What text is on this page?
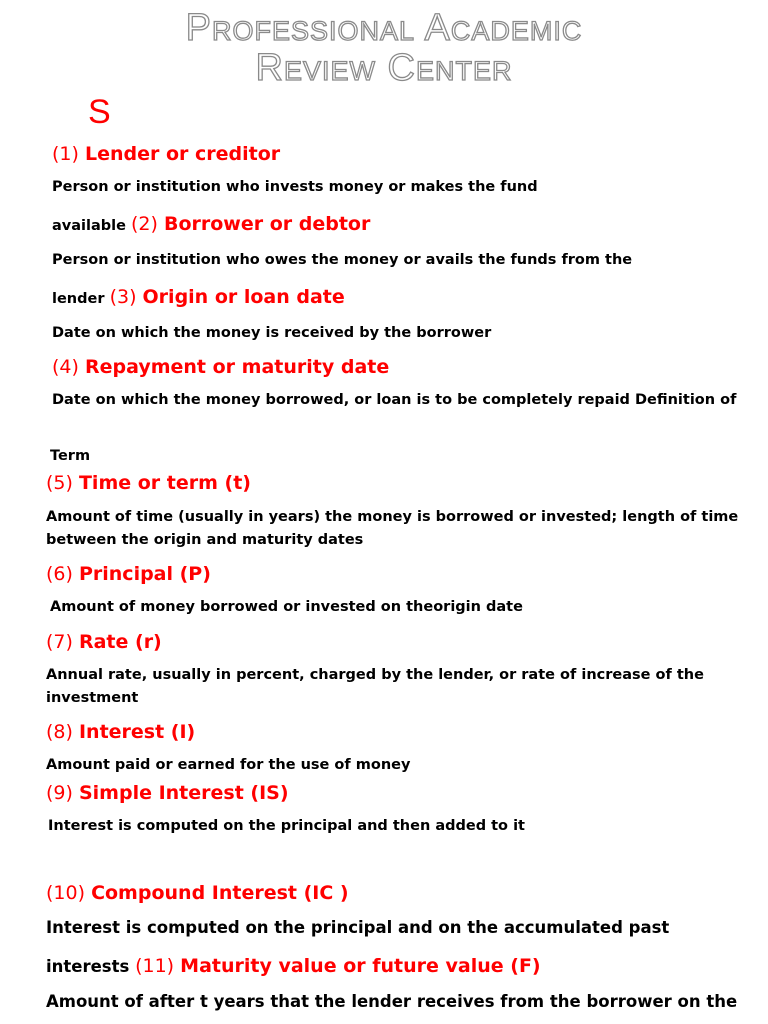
Professional Academic
Review Center
S
(1) Lender or creditor
Person or institution who invests money or makes the fund
available (2) Borrower or debtor
Person or institution who owes the money or avails the funds from the
lender (3) Origin or loan date
Date on which the money is received by the borrower
(4) Repayment or maturity date
Date on which the money borrowed, or loan is to be completely repaid Definition of
Term
(5) Time or term (t)
Amount of time (usually in years) the money is borrowed or invested; length of time
between the origin and maturity dates
(6) Principal (P)
Amount of money borrowed or invested on theorigin date
(7) Rate (r)
Annual rate, usually in percent, charged by the lender, or rate of increase of the
investment
(8) Interest (I)
Amount paid or earned for the use of money
(9) Simple Interest (IS)
Interest is computed on the principal and then added to it
(10) Compound Interest (IC )
Interest is computed on the principal and on the accumulated past
interests (11) Maturity value or future value (F)
Amount of after t years that the lender receives from the borrower on the
